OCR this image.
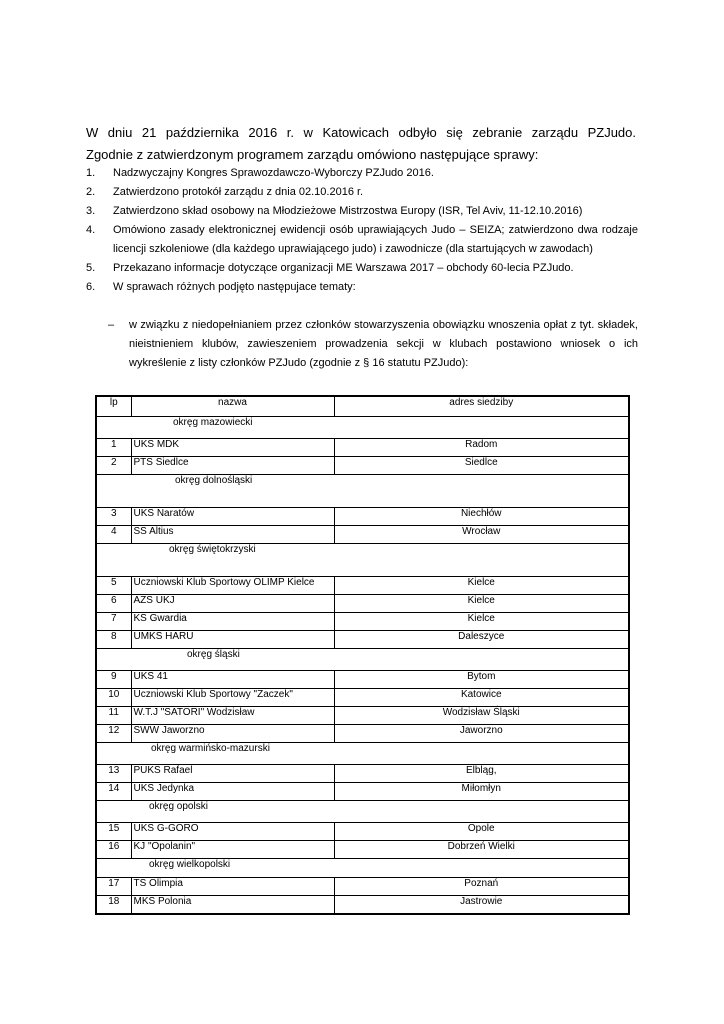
W dniu 21 października 2016 r. w Katowicach odbyło się zebranie zarządu PZJudo.

Zgodnie z zatwierdzonym programem zarządu omówiono następujące sprawy:

1. Nadzwyczajny Kongres Sprawozdawczo-Wyborczy PZJudo 2016.
2. Zatwierdzono protokół zarządu z dnia 02.10.2016 r.
3. Zatwierdzono skład osobowy na Młodzieżowe Mistrzostwa Europy (ISR, Tel Aviv, 11-12.10.2016)
4. Omówiono zasady elektronicznej ewidencji osób uprawiających Judo – SEIZA; zatwierdzono dwa rodzaje licencji szkoleniowe (dla każdego uprawiającego judo) i zawodnicze (dla startujących w zawodach)
5. Przekazano informacje dotyczące organizacji ME Warszawa 2017 – obchody 60-lecia PZJudo.
6. W sprawach różnych podjęto następujace tematy:
– w związku z niedopełnianiem przez członków stowarzyszenia obowiązku wnoszenia opłat z tyt. składek, nieistnieniem klubów, zawieszeniem prowadzenia sekcji w klubach postawiono wniosek o ich wykreślenie z listy członków PZJudo (zgodnie z § 16 statutu PZJudo):
lp	nazwa	adres siedziby
okręg mazowiecki		
1	UKS MDK	Radom
2	PTS Siedlce	Siedlce
okręg dolnośląski		
3	UKS Naratów	Niechłów
4	SS Altius	Wrocław
okręg świętokrzyski		
5	Uczniowski Klub Sportowy OLIMP Kielce	Kielce
6	AZS UKJ	Kielce
7	KS Gwardia	Kielce
8	UMKS HARU	Daleszyce
okręg śląski		
9	UKS 41	Bytom
10	Uczniowski Klub Sportowy "Żaczek"	Katowice
11	W.T.J "SATORI" Wodzisław	Wodzisław Śląski
12	SWW Jaworzno	Jaworzno
okręg warmińsko-mazurski		
13	PUKS Rafael	Elbląg,
14	UKS Jedynka	Miłomłyn
okręg opolski		
15	UKS G-GORO	Opole
16	KJ "Opolanin"	Dobrzeń Wielki
okręg wielkopolski		
17	TS Olimpia	Poznań
18	MKS Polonia	Jastrowie
